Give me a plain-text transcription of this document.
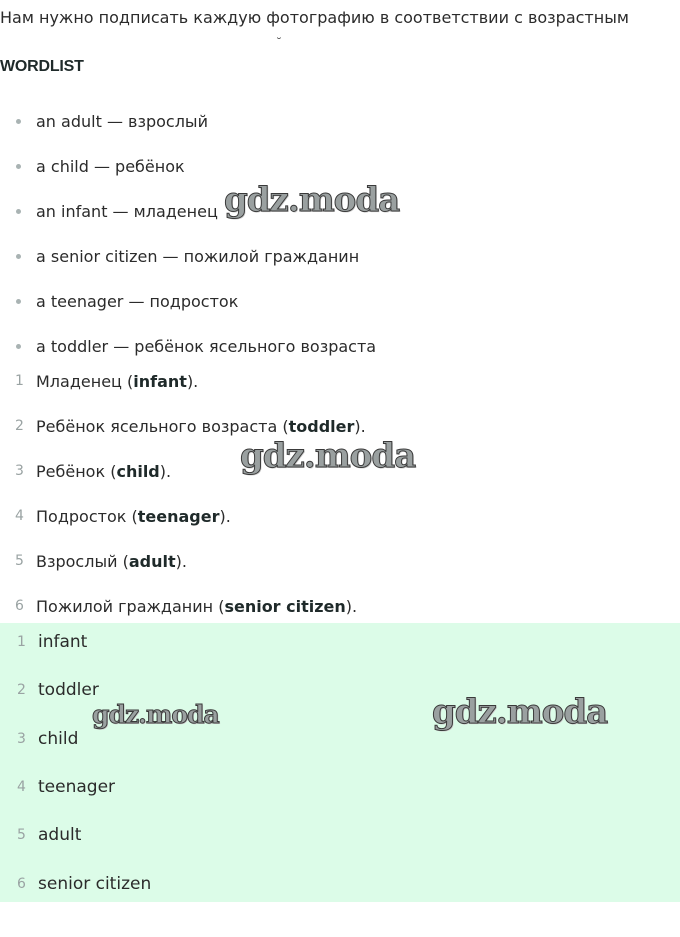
Нам нужно подписать каждую фотографию в соответствии с возрастным
WORDLIST
an adult — взрослый
a child — ребёнок
an infant — младенец
a senior citizen — пожилой гражданин
a teenager — подросток
a toddler — ребёнок ясельного возраста
1 Младенец ( infant ).
2 Ребёнок ясельного возраста ( toddler ).
3 Ребёнок ( child ).
4 Подросток ( teenager ).
5 Взрослый ( adult ).
6 Пожилой гражданин ( senior citizen ).
1 infant
2 toddler
3 child
4 teenager
5 adult
6 senior citizen
gdz.moda
gdz.moda
gdz.moda	gdz.moda
